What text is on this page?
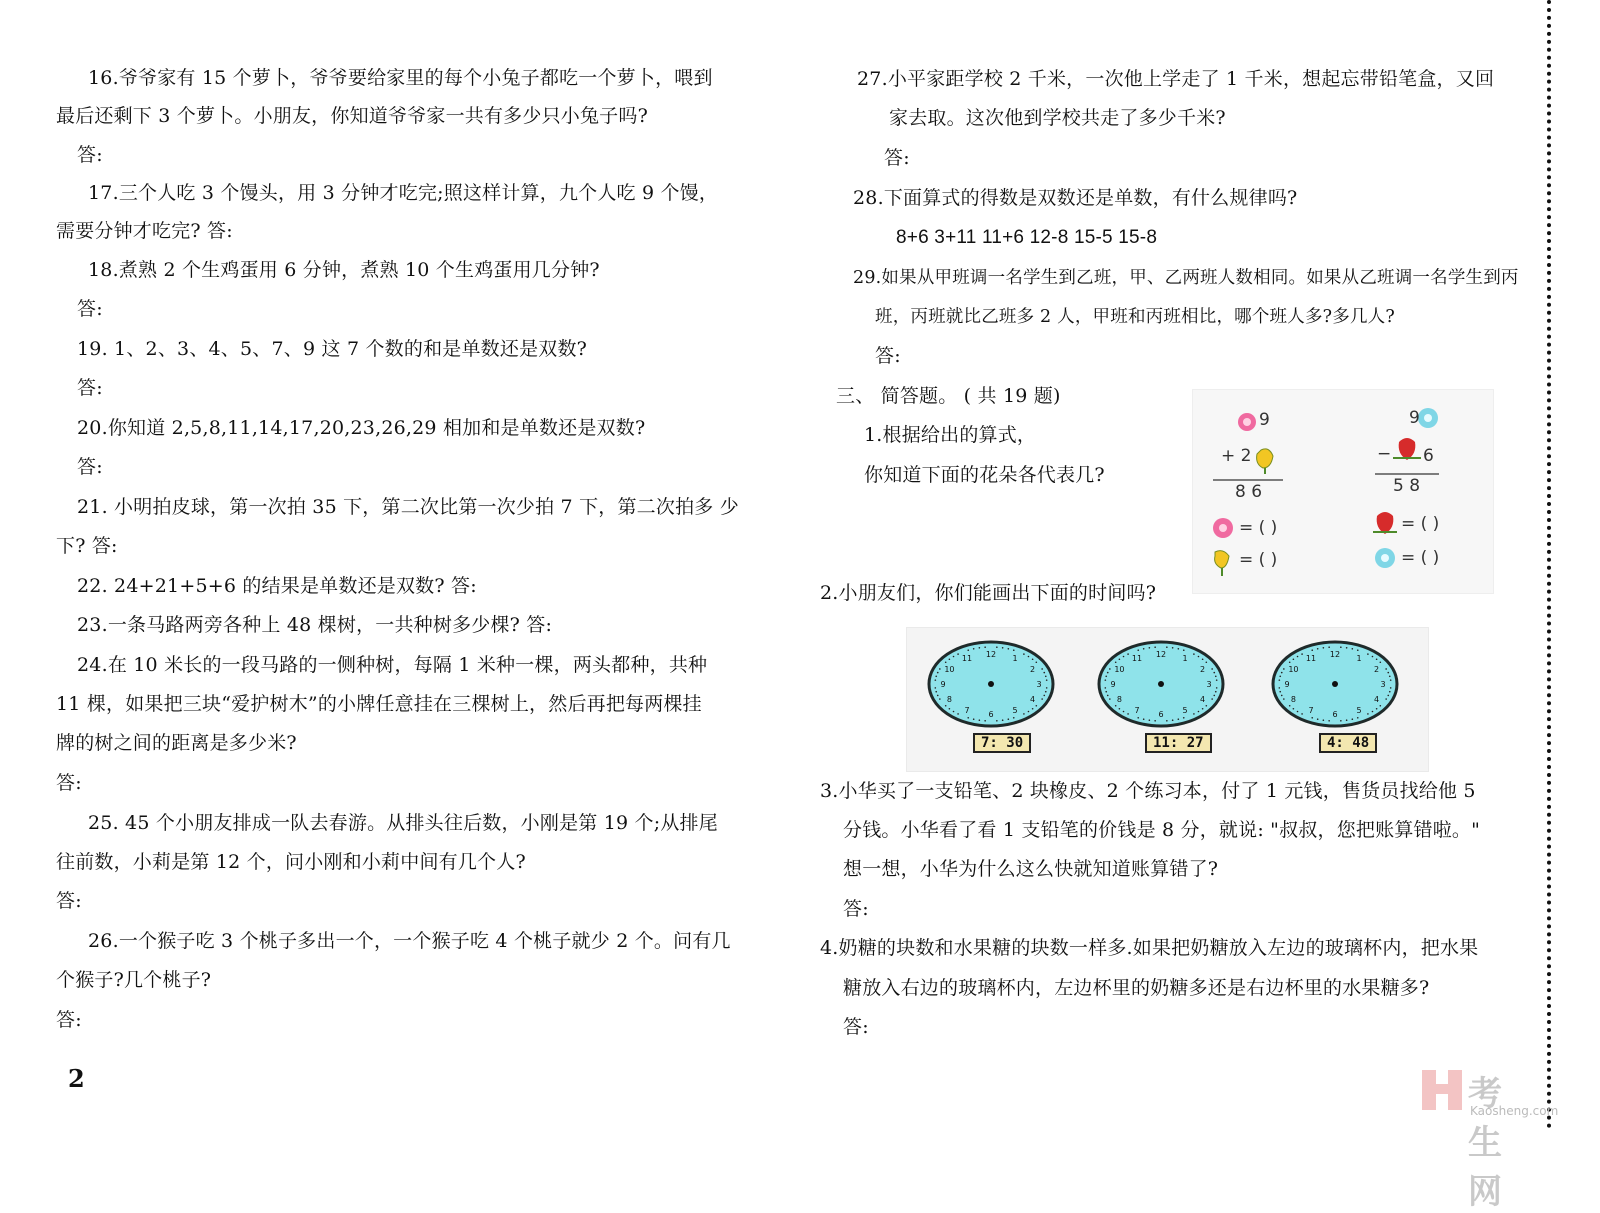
16.爷爷家有 15 个萝卜，爷爷要给家里的每个小兔子都吃一个萝卜，喂到
最后还剩下 3 个萝卜。小朋友，你知道爷爷家一共有多少只小兔子吗?
答:
17.三个人吃 3 个馒头，用 3 分钟才吃完;照这样计算，九个人吃 9 个馒，
需要分钟才吃完? 答:
18.煮熟 2 个生鸡蛋用 6 分钟，煮熟 10 个生鸡蛋用几分钟?
答:
19. 1、2、3、4、5、7、9 这 7 个数的和是单数还是双数?
答:
20.你知道 2,5,8,11,14,17,20,23,26,29 相加和是单数还是双数?
答:
21. 小明拍皮球，第一次拍 35 下，第二次比第一次少拍 7 下，第二次拍多 少
下? 答:
22. 24+21+5+6 的结果是单数还是双数? 答:
23.一条马路两旁各种上 48 棵树，一共种树多少棵? 答:
24.在 10 米长的一段马路的一侧种树，每隔 1 米种一棵，两头都种，共种
11 棵，如果把三块“爱护树木”的小牌任意挂在三棵树上，然后再把每两棵挂
牌的树之间的距离是多少米?
答:
25. 45 个小朋友排成一队去春游。从排头往后数，小刚是第 19 个;从排尾
往前数，小莉是第 12 个，问小刚和小莉中间有几个人?
答:
26.一个猴子吃 3 个桃子多出一个，一个猴子吃 4 个桃子就少 2 个。问有几
个猴子?几个桃子?
答:
2
27.小平家距学校 2 千米，一次他上学走了 1 千米，想起忘带铅笔盒，又回
家去取。这次他到学校共走了多少千米?
答:
28.下面算式的得数是双数还是单数，有什么规律吗?
8+6 3+11 11+6 12-8 15-5 15-8
29.如果从甲班调一名学生到乙班，甲、乙两班人数相同。如果从乙班调一名学生到丙
班，丙班就比乙班多 2 人，甲班和丙班相比，哪个班人多?多几人?
答:
三、 简答题。 ( 共 19 题)
1.根据给出的算式，
你知道下面的花朵各代表几?
2.小朋友们，你们能画出下面的时间吗?
3.小华买了一支铅笔、2 块橡皮、2 个练习本，付了 1 元钱，售货员找给他 5
分钱。小华看了看 1 支铅笔的价钱是 8 分，就说: "叔叔，您把账算错啦。"
想一想，小华为什么这么快就知道账算错了?
答:
4.奶糖的块数和水果糖的块数一样多.如果把奶糖放入左边的玻璃杯内，把水果
糖放入右边的玻璃杯内，左边杯里的奶糖多还是右边杯里的水果糖多?
答:
9
+ 2
8 6
= ( )
= ( )
9
− 6
5 8
= ( )
= ( )
1
2
3
4
5
6
7
8
9
10
11 12	1
2
3
4
5
6
7
8
9
10
11 12	1
2
3
4
5
6
7
8
9
10
11 12
7: 30	11: 27	4: 48
考生网
Kaosheng.com
